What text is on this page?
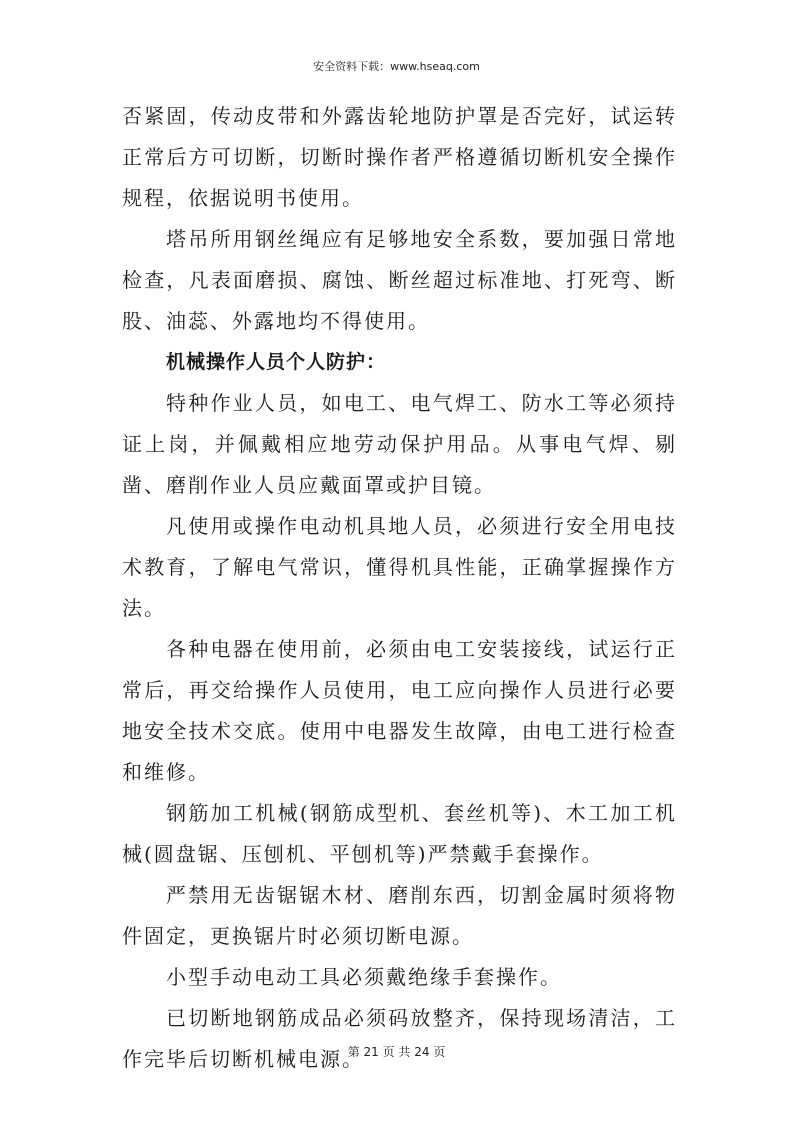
安全资料下载：www.hseaq.com

否紧固，传动皮带和外露齿轮地防护罩是否完好，试运转正常后方可切断，切断时操作者严格遵循切断机安全操作规程，依据说明书使用。

塔吊所用钢丝绳应有足够地安全系数，要加强日常地检查，凡表面磨损、腐蚀、断丝超过标准地、打死弯、断股、油蕊、外露地均不得使用。

机械操作人员个人防护：

特种作业人员，如电工、电气焊工、防水工等必须持证上岗，并佩戴相应地劳动保护用品。从事电气焊、剔凿、磨削作业人员应戴面罩或护目镜。

凡使用或操作电动机具地人员，必须进行安全用电技术教育，了解电气常识，懂得机具性能，正确掌握操作方法。

各种电器在使用前，必须由电工安装接线，试运行正常后，再交给操作人员使用，电工应向操作人员进行必要地安全技术交底。使用中电器发生故障，由电工进行检查和维修。

钢筋加工机械(钢筋成型机、套丝机等)、木工加工机械(圆盘锯、压刨机、平刨机等)严禁戴手套操作。

严禁用无齿锯锯木材、磨削东西，切割金属时须将物件固定，更换锯片时必须切断电源。

小型手动电动工具必须戴绝缘手套操作。

已切断地钢筋成品必须码放整齐，保持现场清洁，工作完毕后切断机械电源。

第 21 页 共 24 页
